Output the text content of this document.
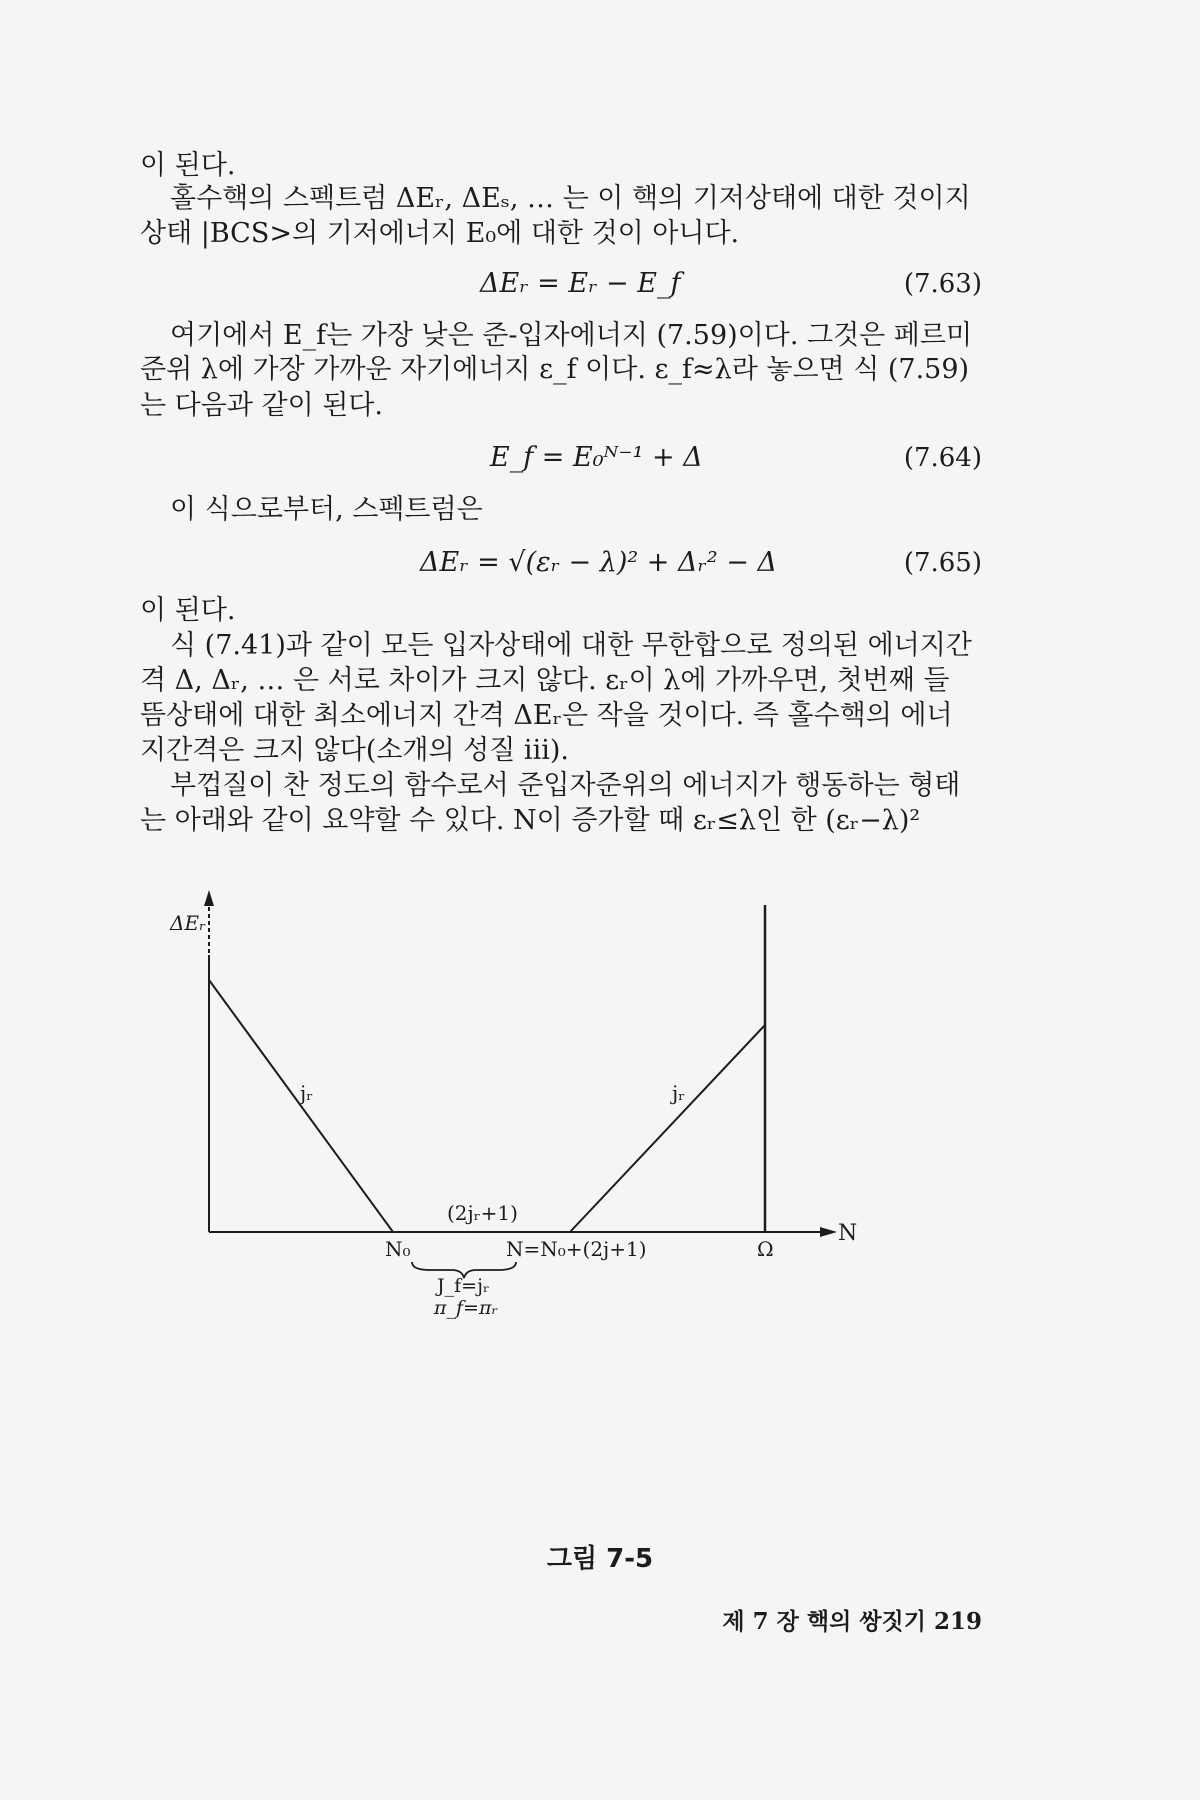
이 된다.
홀수핵의 스펙트럼 ΔEᵣ, ΔEₛ, … 는 이 핵의 기저상태에 대한 것이지
상태 |BCS>의 기저에너지 E₀에 대한 것이 아니다.
ΔEᵣ = Eᵣ − E_f	(7.63)
여기에서 E_f는 가장 낮은 준-입자에너지 (7.59)이다. 그것은 페르미
준위 λ에 가장 가까운 자기에너지 ε_f 이다. ε_f≈λ라 놓으면 식 (7.59)
는 다음과 같이 된다.
E_f = E₀ᴺ⁻¹ + Δ	(7.64)
이 식으로부터, 스펙트럼은
ΔEᵣ = √(εᵣ − λ)² + Δᵣ² − Δ	(7.65)
이 된다.
식 (7.41)과 같이 모든 입자상태에 대한 무한합으로 정의된 에너지간
격 Δ, Δᵣ, … 은 서로 차이가 크지 않다. εᵣ이 λ에 가까우면, 첫번째 들
뜸상태에 대한 최소에너지 간격 ΔEᵣ은 작을 것이다. 즉 홀수핵의 에너
지간격은 크지 않다(소개의 성질 iii).
부껍질이 찬 정도의 함수로서 준입자준위의 에너지가 행동하는 형태
는 아래와 같이 요약할 수 있다. N이 증가할 때 εᵣ≤λ인 한 (εᵣ−λ)²
ΔEᵣ
N
jᵣ	jᵣ
(2jᵣ+1)
N₀	N=N₀+(2j+1)	Ω
J_f=jᵣ
π_f=πᵣ
그림 7-5
제 7 장 핵의 쌍짓기 219
